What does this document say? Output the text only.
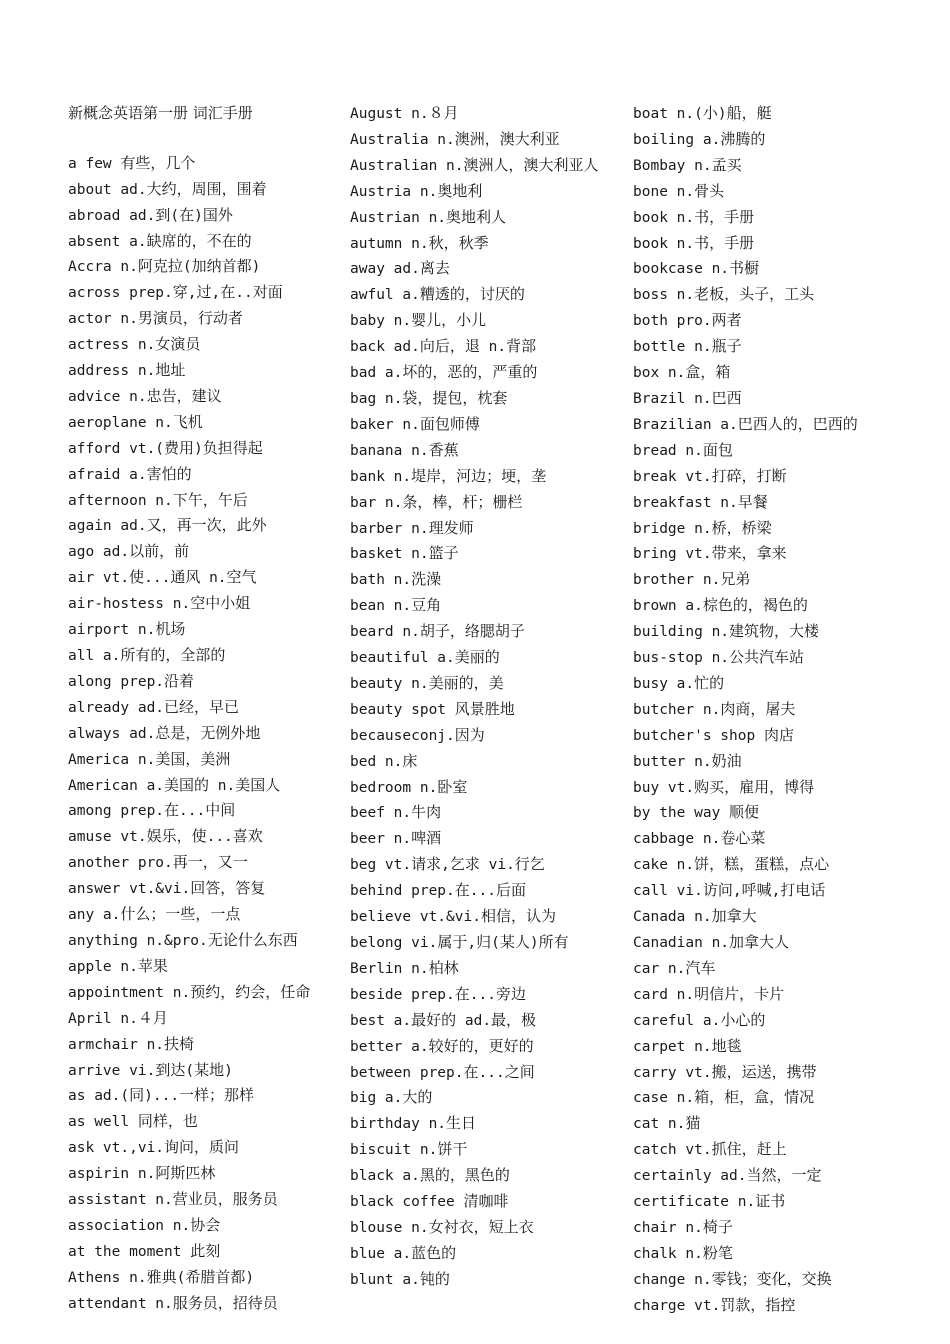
新概念英语第一册 词汇手册
a few 有些，几个
about ad.大约，周围，围着
abroad ad.到(在)国外
absent a.缺席的，不在的
Accra n.阿克拉(加纳首都)
across prep.穿,过,在..对面
actor n.男演员，行动者
actress n.女演员
address n.地址
advice n.忠告，建议
aeroplane n.飞机
afford vt.(费用)负担得起
afraid a.害怕的
afternoon n.下午，午后
again ad.又，再一次，此外
ago ad.以前，前
air vt.使...通风 n.空气
air-hostess n.空中小姐
airport n.机场
all a.所有的，全部的
along prep.沿着
already ad.已经，早已
always ad.总是，无例外地
America n.美国，美洲
American a.美国的 n.美国人
among prep.在...中间
amuse vt.娱乐，使...喜欢
another pro.再一，又一
answer vt.&vi.回答，答复
any a.什么；一些，一点
anything n.&pro.无论什么东西
apple n.苹果
appointment n.预约，约会，任命
April n.４月
armchair n.扶椅
arrive vi.到达(某地)
as ad.(同)...一样；那样
as well 同样，也
ask vt.,vi.询问，质问
aspirin n.阿斯匹林
assistant n.营业员，服务员
association n.协会
at the moment 此刻
Athens n.雅典(希腊首都)
attendant n.服务员，招待员
August n.８月
Australia n.澳洲，澳大利亚
Australian n.澳洲人，澳大利亚人
Austria n.奥地利
Austrian n.奥地利人
autumn n.秋，秋季
away ad.离去
awful a.糟透的，讨厌的
baby n.婴儿，小儿
back ad.向后，退 n.背部
bad a.坏的，恶的，严重的
bag n.袋，提包，枕套
baker n.面包师傅
banana n.香蕉
bank n.堤岸，河边；埂，垄
bar n.条，棒，杆；栅栏
barber n.理发师
basket n.篮子
bath n.洗澡
bean n.豆角
beard n.胡子，络腮胡子
beautiful a.美丽的
beauty n.美丽的，美
beauty spot 风景胜地
becauseconj.因为
bed n.床
bedroom n.卧室
beef n.牛肉
beer n.啤酒
beg vt.请求,乞求 vi.行乞
behind prep.在...后面
believe vt.&vi.相信，认为
belong vi.属于,归(某人)所有
Berlin n.柏林
beside prep.在...旁边
best a.最好的 ad.最，极
better a.较好的，更好的
between prep.在...之间
big a.大的
birthday n.生日
biscuit n.饼干
black a.黑的，黑色的
black coffee 清咖啡
blouse n.女衬衣，短上衣
blue a.蓝色的
blunt a.钝的
boat n.(小)船，艇
boiling a.沸腾的
Bombay n.孟买
bone n.骨头
book n.书，手册
book n.书，手册
bookcase n.书橱
boss n.老板，头子，工头
both pro.两者
bottle n.瓶子
box n.盒，箱
Brazil n.巴西
Brazilian a.巴西人的，巴西的
bread n.面包
break vt.打碎，打断
breakfast n.早餐
bridge n.桥，桥梁
bring vt.带来，拿来
brother n.兄弟
brown a.棕色的，褐色的
building n.建筑物，大楼
bus-stop n.公共汽车站
busy a.忙的
butcher n.肉商，屠夫
butcher's shop 肉店
butter n.奶油
buy vt.购买，雇用，博得
by the way 顺便
cabbage n.卷心菜
cake n.饼，糕，蛋糕，点心
call vi.访问,呼喊,打电话
Canada n.加拿大
Canadian n.加拿大人
car n.汽车
card n.明信片，卡片
careful a.小心的
carpet n.地毯
carry vt.搬，运送，携带
case n.箱，柜，盒，情况
cat n.猫
catch vt.抓住，赶上
certainly ad.当然，一定
certificate n.证书
chair n.椅子
chalk n.粉笔
change n.零钱；变化，交换
charge vt.罚款，指控
